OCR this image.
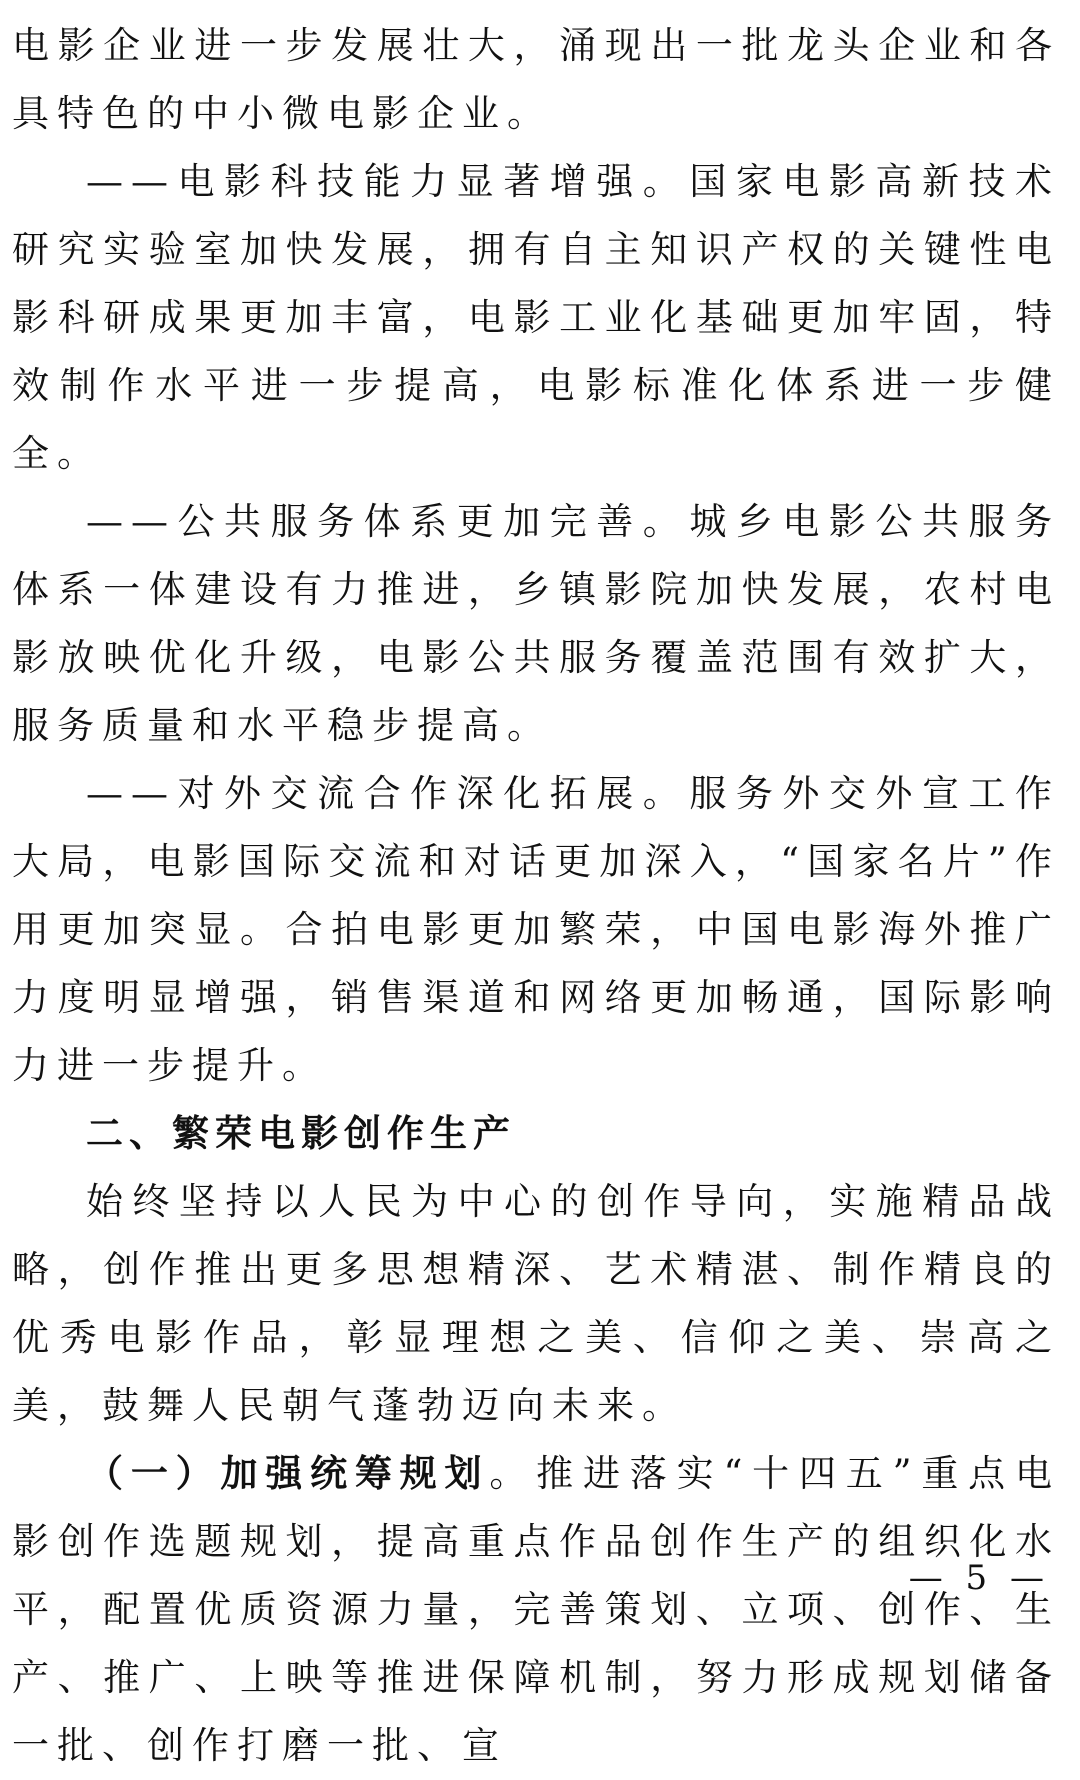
电影企业进一步发展壮大，涌现出一批龙头企业和各具特色的中小微电影企业。

——电影科技能力显著增强。国家电影高新技术研究实验室加快发展，拥有自主知识产权的关键性电影科研成果更加丰富，电影工业化基础更加牢固，特效制作水平进一步提高，电影标准化体系进一步健全。

——公共服务体系更加完善。城乡电影公共服务体系一体建设有力推进，乡镇影院加快发展，农村电影放映优化升级，电影公共服务覆盖范围有效扩大，服务质量和水平稳步提高。

——对外交流合作深化拓展。服务外交外宣工作大局，电影国际交流和对话更加深入，“国家名片”作用更加突显。合拍电影更加繁荣，中国电影海外推广力度明显增强，销售渠道和网络更加畅通，国际影响力进一步提升。

二、繁荣电影创作生产

始终坚持以人民为中心的创作导向，实施精品战略，创作推出更多思想精深、艺术精湛、制作精良的优秀电影作品，彰显理想之美、信仰之美、崇高之美，鼓舞人民朝气蓬勃迈向未来。

（一）加强统筹规划。推进落实“十四五”重点电影创作选题规划，提高重点作品创作生产的组织化水平，配置优质资源力量，完善策划、立项、创作、生产、推广、上映等推进保障机制，努力形成规划储备一批、创作打磨一批、宣

— 5 —
